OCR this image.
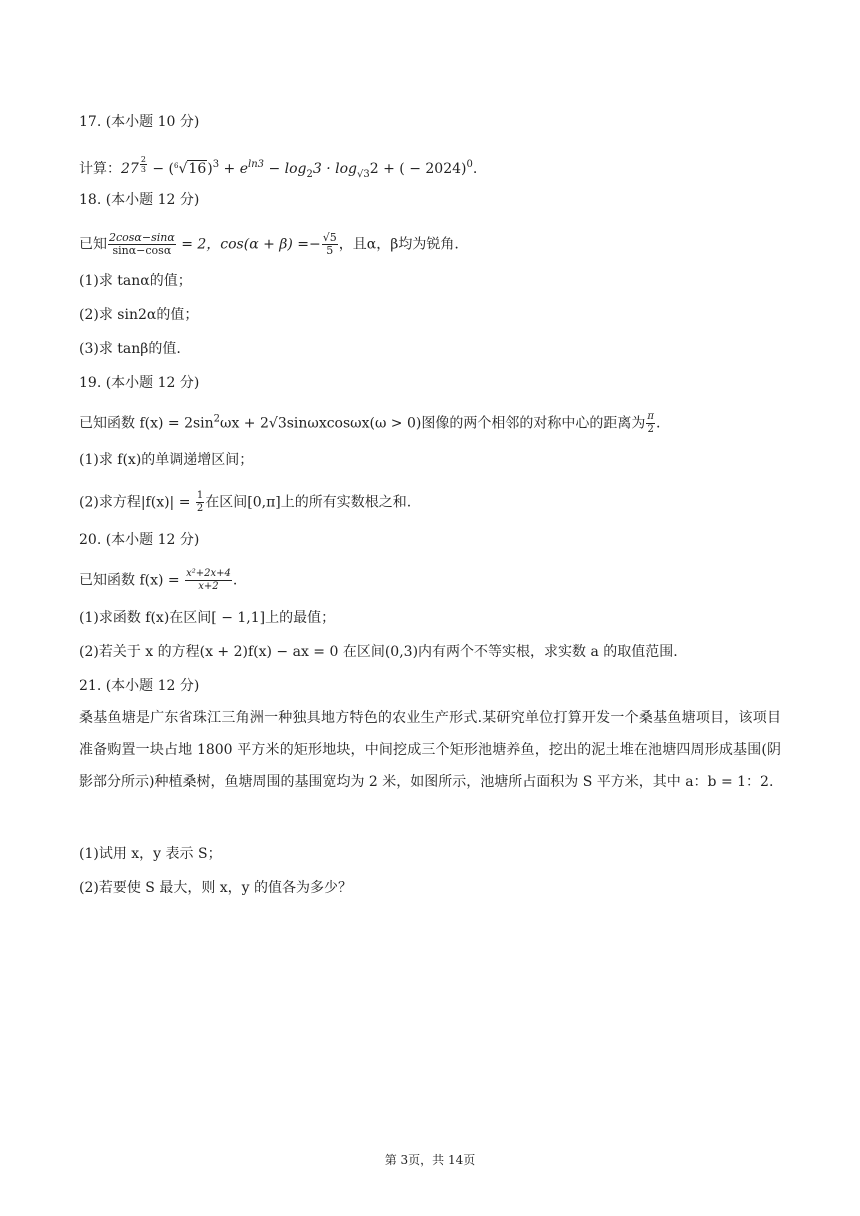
17. (本小题 10 分)
计算：27 $^{\frac{2}{3}} - (^6√16)^3 + e^{ln3} - \log_23 \cdot \log_{√3}2$ + ( − 2024)$^0$.
18. (本小题 12 分)
已知 $\frac{2\cos\alpha-\sin\alpha}{\sin\alpha-\cos\alpha} = 2$，$\cos(\alpha + \beta) =- \frac{√5}{5}$ ，且α，β均为锐角.
(1)求 tanα的值；
(2)求 sin2α的值；
(3)求 tanβ的值.
19. (本小题 12 分)
已知函数 $f(x) = 2\sin^2\omega x + 2√3\sin\omega xcos\omega x(\omega > 0)$图像的两个相邻的对称中心的距离为 $\frac{\pi}{2}$ .
(1)求 f(x)的单调递增区间；
(2)求方程$|f(x)| = \frac{1}{2}$ 在区间[0,π]上的所有实数根之和.
20. (本小题 12 分)
已知函数 $f(x) = \frac{\text{x²+2x+4}}{x+2}$ .
(1)求函数 f(x)在区间[ − 1,1]上的最值；
(2)若关于 x 的方程(x + 2)f(x) − ax = 0 在区间(0,3)内有两个不等实根，求实数 a 的取值范围.
21. (本小题 12 分)
桑基鱼塘是广东省珠江三角洲一种独具地方特色的农业生产形式.某研究单位打算开发一个桑基鱼塘项目，该项目准备购置一块占地 1800 平方米的矩形地块，中间挖成三个矩形池塘养鱼，挖出的泥土堆在池塘四周形成基围(阴影部分所示)种植桑树，鱼塘周围的基围宽均为 2 米，如图所示，池塘所占面积为 S 平方米，其中 a：b = 1：2.
(1)试用 x，y 表示 S；
(2)若要使 S 最大，则 x，y 的值各为多少？
第 3页，共 14页
